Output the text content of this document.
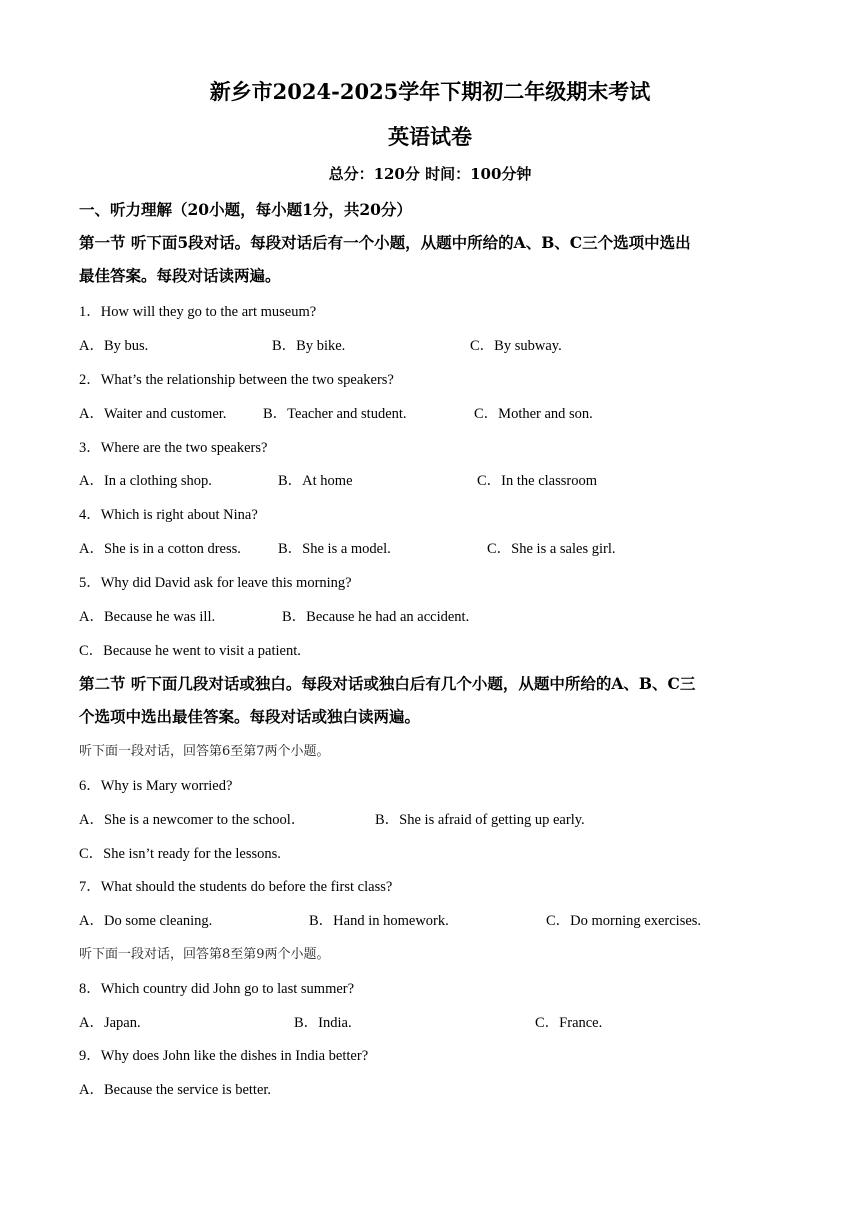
新乡市2024-2025学年下期初二年级期末考试
英语试卷
总分：120分 时间：100分钟
一、听力理解（20小题，每小题1分，共20分）
第一节 听下面5段对话。每段对话后有一个小题，从题中所给的A、B、C三个选项中选出
最佳答案。每段对话读两遍。
1．How will they go to the art museum?
A．By bus.	B．By bike.	C．By subway.
2．What’s the relationship between the two speakers?
A．Waiter and customer.	B．Teacher and student.	C．Mother and son.
3．Where are the two speakers?
A．In a clothing shop.	B．At home	C．In the classroom
4．Which is right about Nina?
A．She is in a cotton dress.	B．She is a model.	C．She is a sales girl.
5．Why did David ask for leave this morning?
A．Because he was ill.	B．Because he had an accident.
C．Because he went to visit a patient.
第二节 听下面几段对话或独白。每段对话或独白后有几个小题，从题中所给的A、B、C三
个选项中选出最佳答案。每段对话或独白读两遍。
听下面一段对话，回答第6至第7两个小题。
6．Why is Mary worried?
A．She is a newcomer to the school．	B．She is afraid of getting up early.
C．She isn’t ready for the lessons.
7．What should the students do before the first class?
A．Do some cleaning.	B．Hand in homework.	C．Do morning exercises.
听下面一段对话，回答第8至第9两个小题。
8．Which country did John go to last summer?
A．Japan.	B．India.	C．France.
9．Why does John like the dishes in India better?
A．Because the service is better.
